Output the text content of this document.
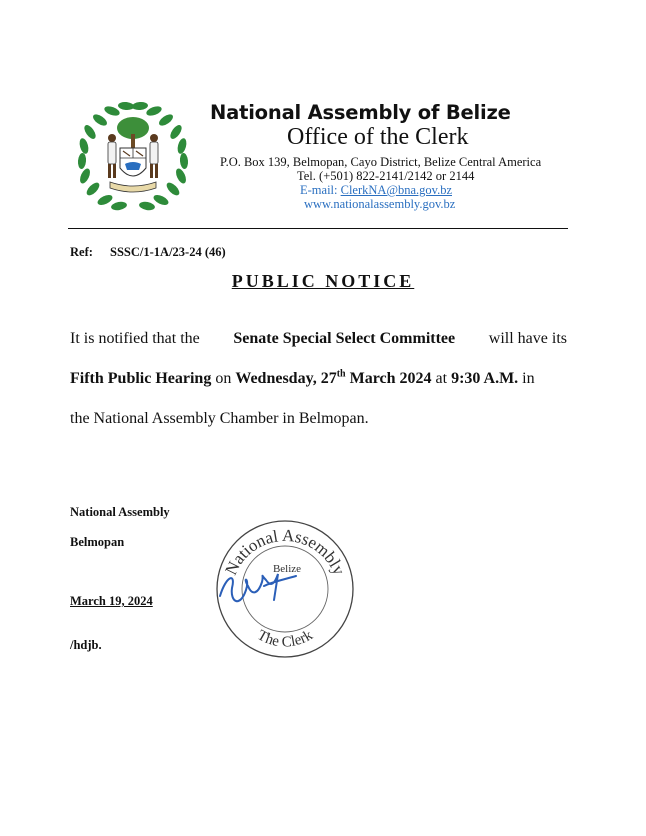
National Assembly of Belize
Office of the Clerk
P.O. Box 139, Belmopan, Cayo District, Belize Central America
Tel. (+501) 822-2141/2142 or 2144
E-mail: ClerkNA@bna.gov.bz
www.nationalassembly.gov.bz
Ref: SSSC/1-1A/23-24 (46)
PUBLIC NOTICE
It is notified that the Senate Special Select Committee will have its
Fifth Public Hearing on Wednesday, 27th March 2024 at 9:30 A.M. in
the National Assembly Chamber in Belmopan.
National Assembly
Belmopan
March 19, 2024
/hdjb.
National Assembly
Belize
The Clerk
